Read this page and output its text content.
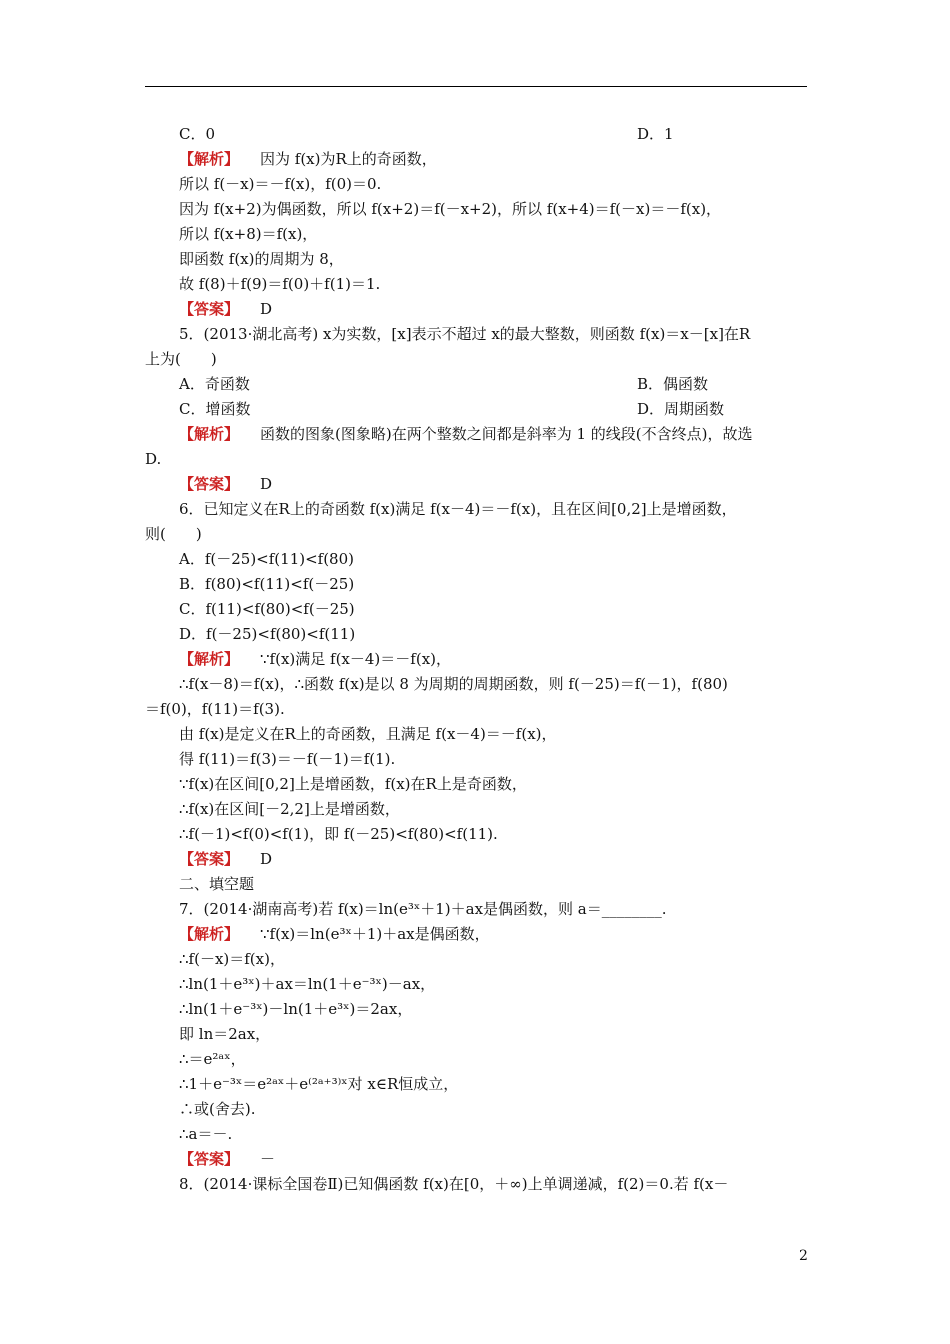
C．0	D．1
【解析】 因为 f(x)为R上的奇函数，
所以 f(－x)＝－f(x)，f(0)＝0.
因为 f(x+2)为偶函数，所以 f(x+2)＝f(－x+2)，所以 f(x+4)＝f(－x)＝－f(x)，
所以 f(x+8)＝f(x)，
即函数 f(x)的周期为 8，
故 f(8)＋f(9)＝f(0)＋f(1)＝1.
【答案】 D
5．(2013·湖北高考) x为实数，[x]表示不超过 x的最大整数，则函数 f(x)＝x－[x]在R
上为(　　)
A．奇函数	B．偶函数
C．增函数	D．周期函数
【解析】 函数的图象(图象略)在两个整数之间都是斜率为 1 的线段(不含终点)，故选
D.
【答案】 D
6．已知定义在R上的奇函数 f(x)满足 f(x－4)＝－f(x)，且在区间[0,2]上是增函数，
则(　　)
A．f(－25)<f(11)<f(80)
B．f(80)<f(11)<f(－25)
C．f(11)<f(80)<f(－25)
D．f(－25)<f(80)<f(11)
【解析】 ∵f(x)满足 f(x－4)＝－f(x)，
∴f(x－8)＝f(x)，∴函数 f(x)是以 8 为周期的周期函数，则 f(－25)＝f(－1)，f(80)
＝f(0)，f(11)＝f(3).
由 f(x)是定义在R上的奇函数，且满足 f(x－4)＝－f(x)，
得 f(11)＝f(3)＝－f(－1)＝f(1).
∵f(x)在区间[0,2]上是增函数，f(x)在R上是奇函数，
∴f(x)在区间[－2,2]上是增函数，
∴f(－1)<f(0)<f(1)，即 f(－25)<f(80)<f(11).
【答案】 D
二、填空题
7．(2014·湖南高考)若 f(x)＝ln(e³ˣ＋1)＋ax是偶函数，则 a＝________.
【解析】 ∵f(x)＝ln(e³ˣ＋1)＋ax是偶函数，
∴f(－x)＝f(x)，
∴ln(1＋e³ˣ)＋ax＝ln(1＋e⁻³ˣ)－ax，
∴ln(1＋e⁻³ˣ)－ln(1＋e³ˣ)＝2ax，
即 ln＝2ax，
∴＝e²ᵃˣ，
∴1＋e⁻³ˣ＝e²ᵃˣ＋e⁽²ᵃ⁺³⁾ˣ对 x∈R恒成立，
∴或(舍去).
∴a＝－.
【答案】 －
8．(2014·课标全国卷Ⅱ)已知偶函数 f(x)在[0，＋∞)上单调递减，f(2)＝0.若 f(x－
2
